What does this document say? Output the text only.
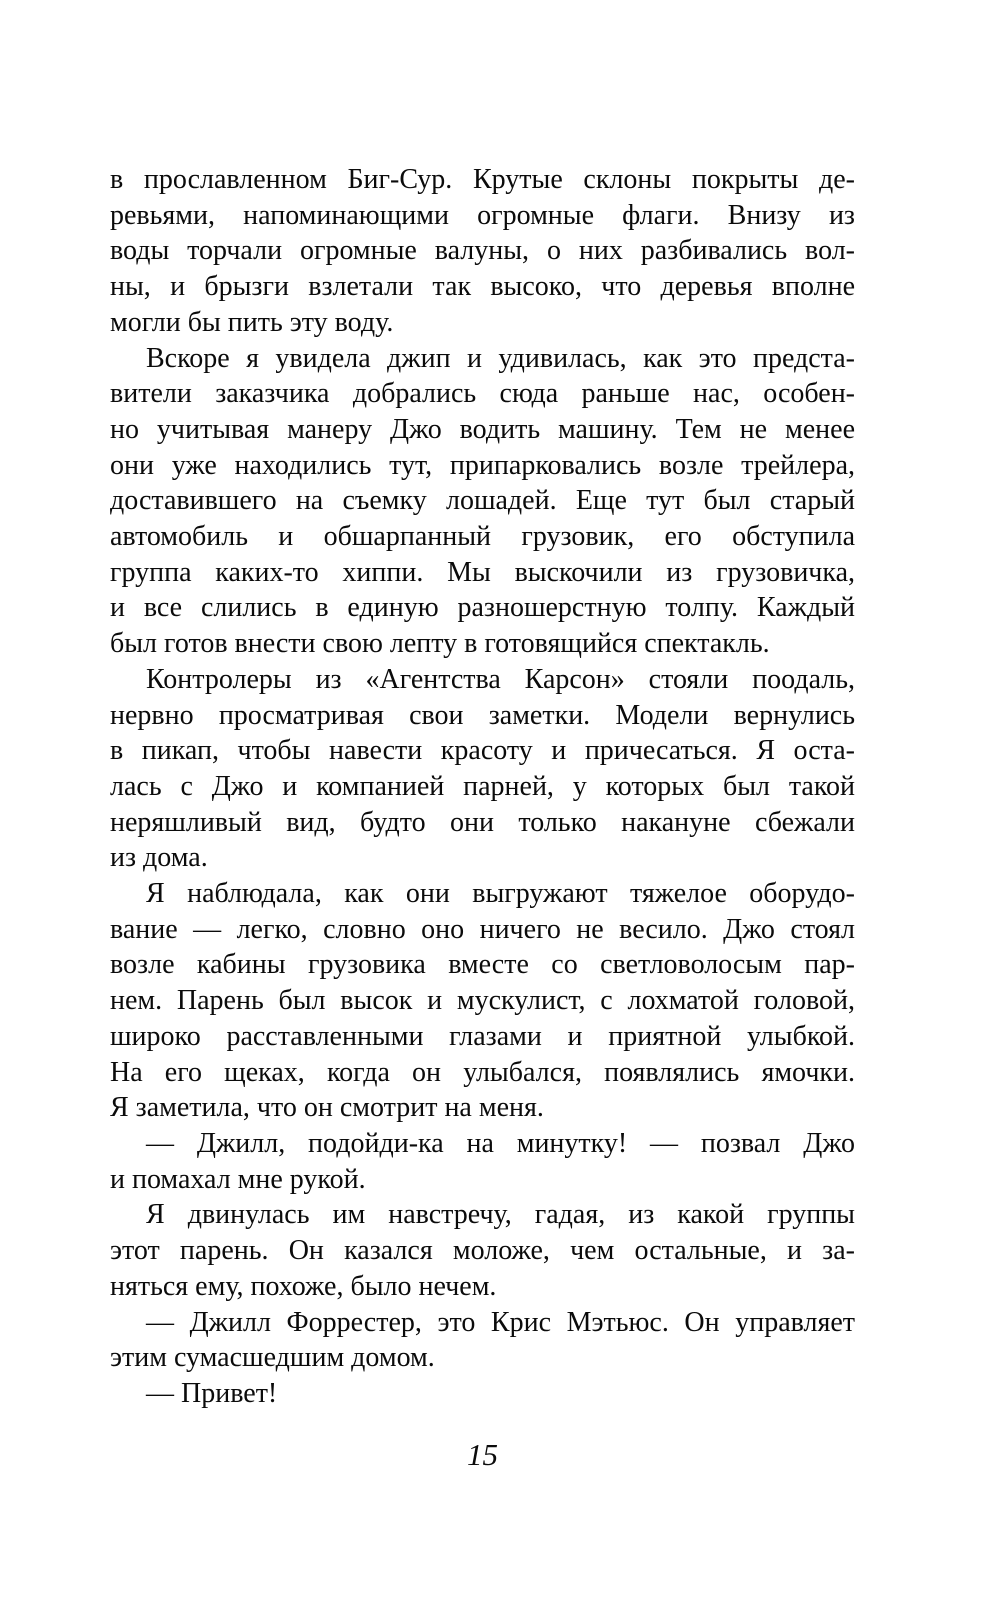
в прославленном Биг-Сур. Крутые склоны покрыты де-
ревьями, напоминающими огромные флаги. Внизу из
воды торчали огромные валуны, о них разбивались вол-
ны, и брызги взлетали так высоко, что деревья вполне
могли бы пить эту воду.
Вскоре я увидела джип и удивилась, как это предста-
вители заказчика добрались сюда раньше нас, особен-
но учитывая манеру Джо водить машину. Тем не менее
они уже находились тут, припарковались возле трейлера,
доставившего на съемку лошадей. Еще тут был старый
автомобиль и обшарпанный грузовик, его обступила
группа каких-то хиппи. Мы выскочили из грузовичка,
и все слились в единую разношерстную толпу. Каждый
был готов внести свою лепту в готовящийся спектакль.
Контролеры из «Агентства Карсон» стояли поодаль,
нервно просматривая свои заметки. Модели вернулись
в пикап, чтобы навести красоту и причесаться. Я оста-
лась с Джо и компанией парней, у которых был такой
неряшливый вид, будто они только накануне сбежали
из дома.
Я наблюдала, как они выгружают тяжелое оборудо-
вание — легко, словно оно ничего не весило. Джо стоял
возле кабины грузовика вместе со светловолосым пар-
нем. Парень был высок и мускулист, с лохматой головой,
широко расставленными глазами и приятной улыбкой.
На его щеках, когда он улыбался, появлялись ямочки.
Я заметила, что он смотрит на меня.
— Джилл, подойди-ка на минутку! — позвал Джо
и помахал мне рукой.
Я двинулась им навстречу, гадая, из какой группы
этот парень. Он казался моложе, чем остальные, и за-
няться ему, похоже, было нечем.
— Джилл Форрестер, это Крис Мэтьюс. Он управляет
этим сумасшедшим домом.
— Привет!
15
